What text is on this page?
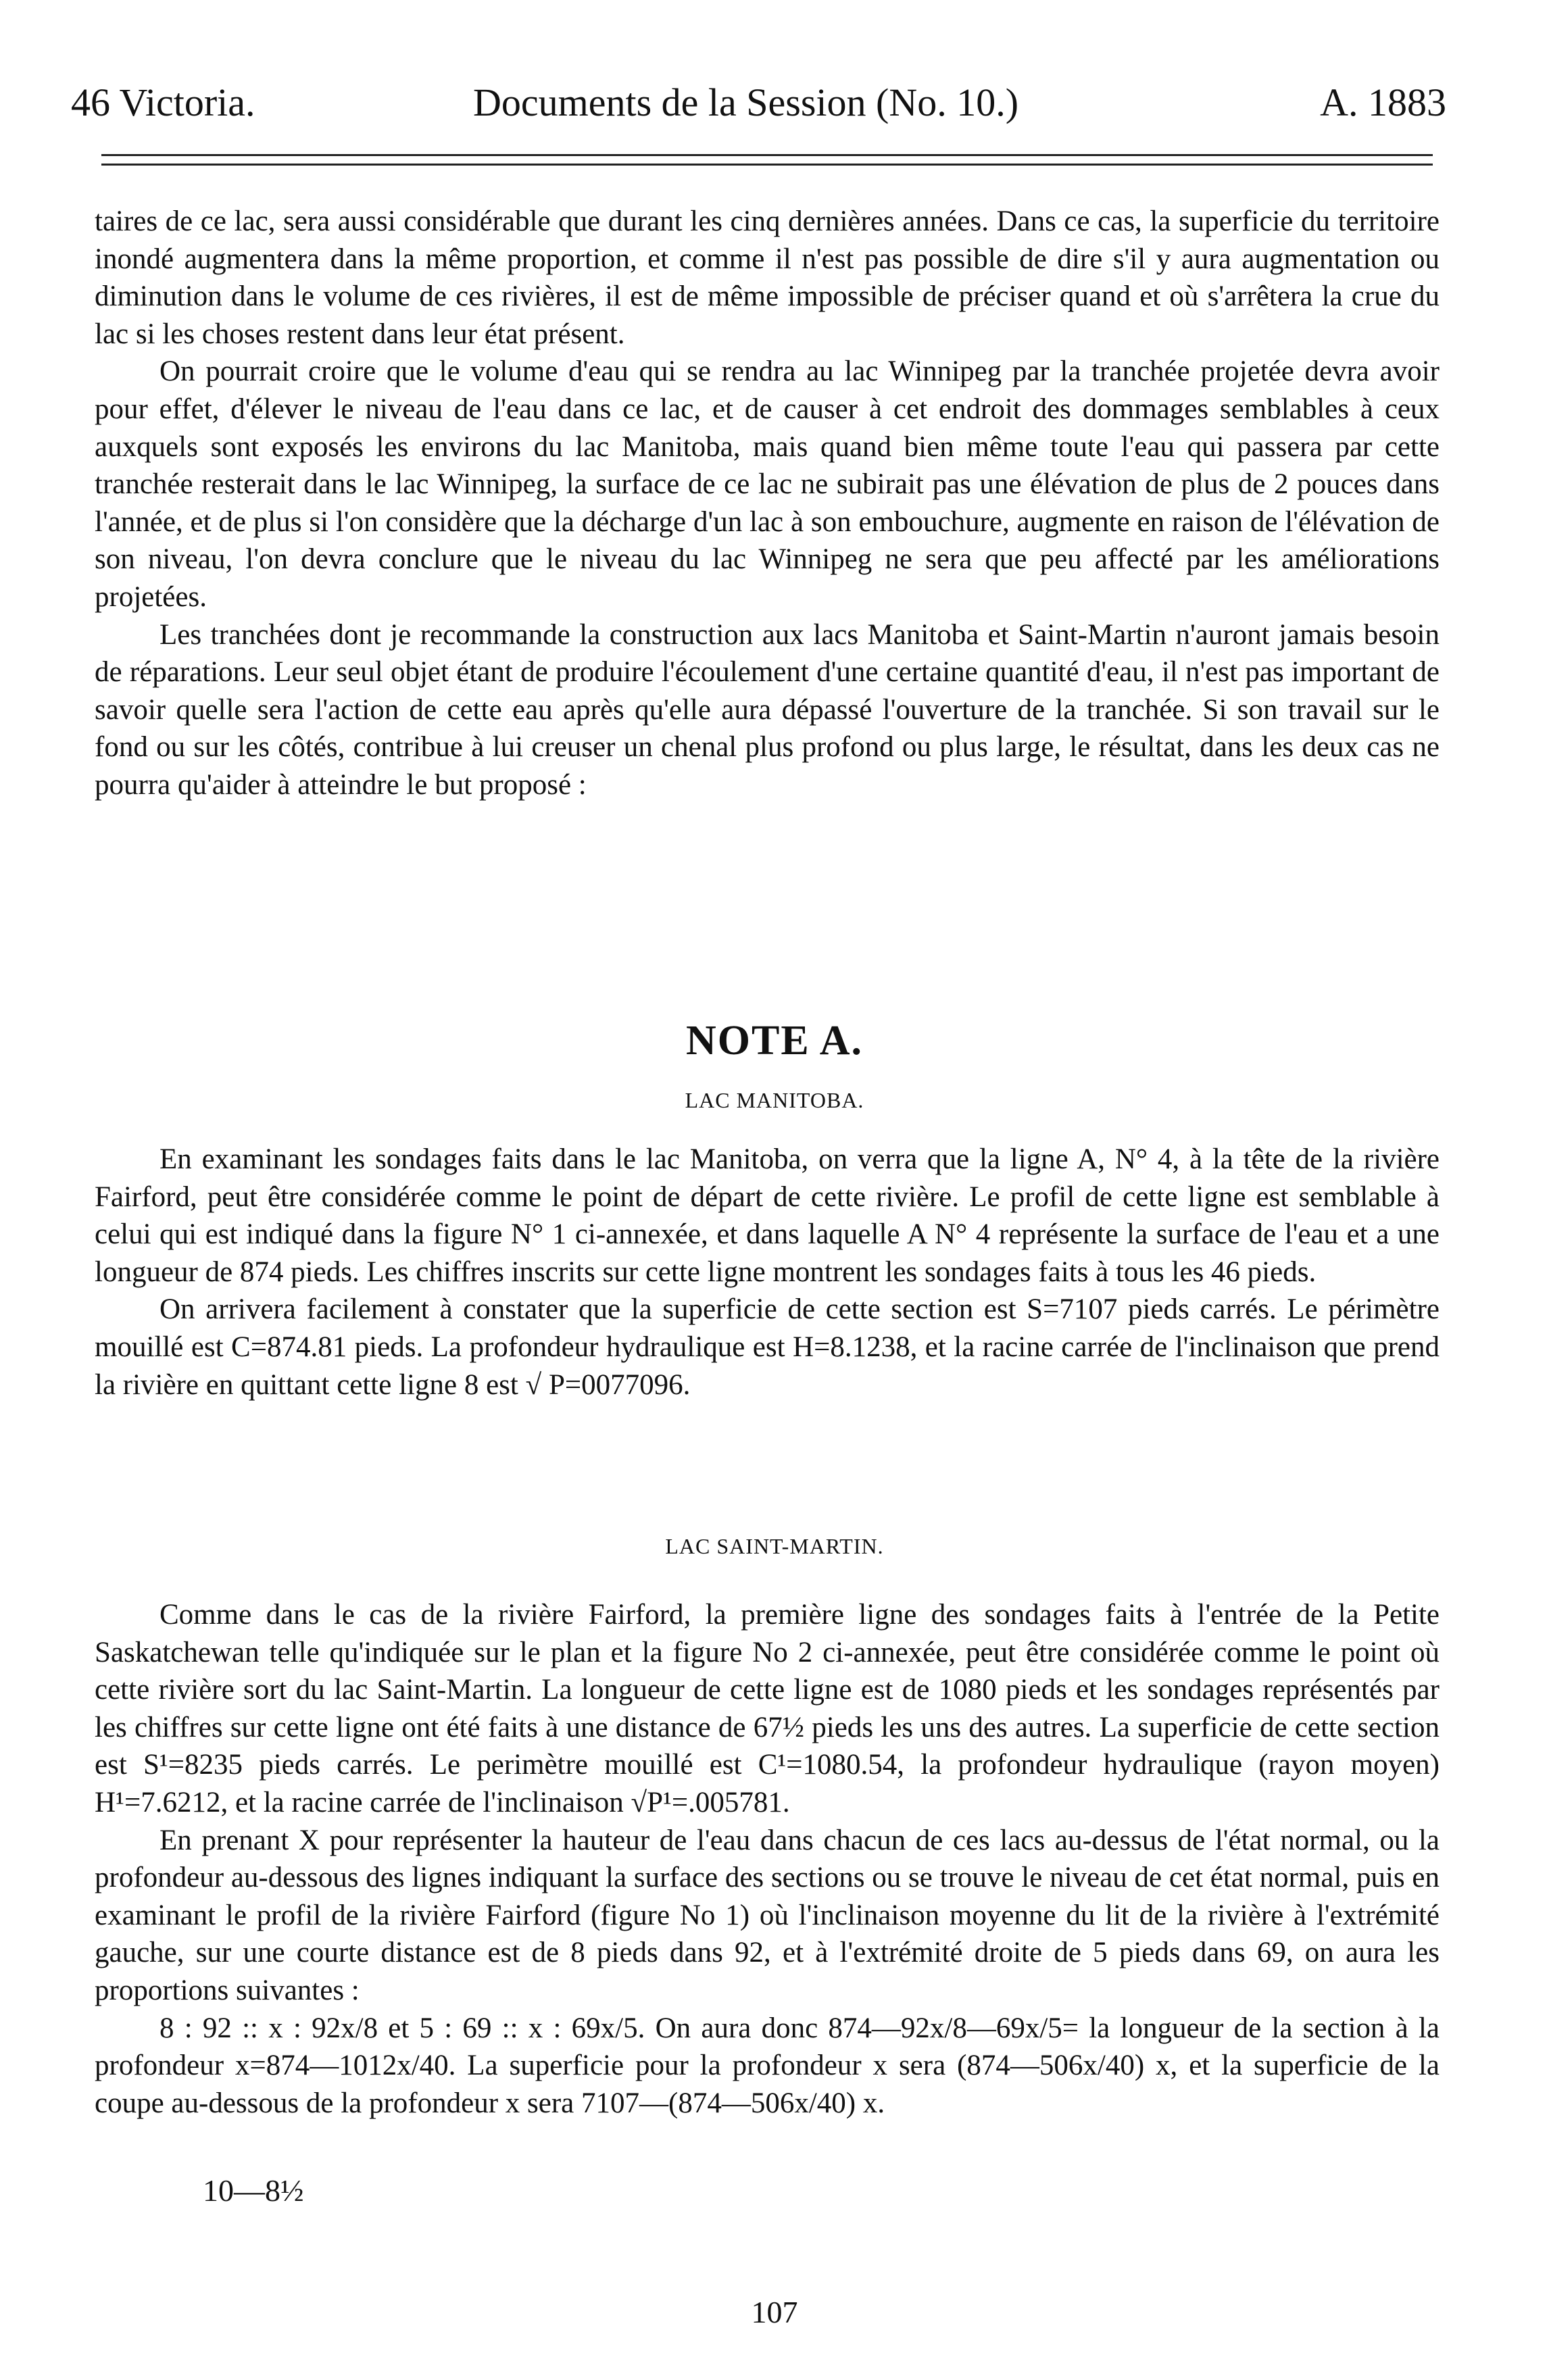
46 Victoria.	Documents de la Session (No. 10.)	A. 1883

taires de ce lac, sera aussi considérable que durant les cinq dernières années. Dans ce cas, la superficie du territoire inondé augmentera dans la même proportion, et comme il n'est pas possible de dire s'il y aura augmentation ou diminution dans le volume de ces rivières, il est de même impossible de préciser quand et où s'arrêtera la crue du lac si les choses restent dans leur état présent.

On pourrait croire que le volume d'eau qui se rendra au lac Winnipeg par la tranchée projetée devra avoir pour effet, d'élever le niveau de l'eau dans ce lac, et de causer à cet endroit des dommages semblables à ceux auxquels sont exposés les environs du lac Manitoba, mais quand bien même toute l'eau qui passera par cette tranchée resterait dans le lac Winnipeg, la surface de ce lac ne subirait pas une élévation de plus de 2 pouces dans l'année, et de plus si l'on considère que la décharge d'un lac à son embouchure, augmente en raison de l'élévation de son niveau, l'on devra conclure que le niveau du lac Winnipeg ne sera que peu affecté par les améliorations projetées.

Les tranchées dont je recommande la construction aux lacs Manitoba et Saint-Martin n'auront jamais besoin de réparations. Leur seul objet étant de produire l'écoulement d'une certaine quantité d'eau, il n'est pas important de savoir quelle sera l'action de cette eau après qu'elle aura dépassé l'ouverture de la tranchée. Si son travail sur le fond ou sur les côtés, contribue à lui creuser un chenal plus profond ou plus large, le résultat, dans les deux cas ne pourra qu'aider à atteindre le but proposé :

NOTE A.
LAC MANITOBA.

En examinant les sondages faits dans le lac Manitoba, on verra que la ligne A, N° 4, à la tête de la rivière Fairford, peut être considérée comme le point de départ de cette rivière. Le profil de cette ligne est semblable à celui qui est indiqué dans la figure N° 1 ci-annexée, et dans laquelle A N° 4 représente la surface de l'eau et a une longueur de 874 pieds. Les chiffres inscrits sur cette ligne montrent les sondages faits à tous les 46 pieds.

On arrivera facilement à constater que la superficie de cette section est S=7107 pieds carrés. Le périmètre mouillé est C=874.81 pieds. La profondeur hydraulique est H=8.1238, et la racine carrée de l'inclinaison que prend la rivière en quittant cette ligne 8 est √ P=0077096.

LAC SAINT-MARTIN.

Comme dans le cas de la rivière Fairford, la première ligne des sondages faits à l'entrée de la Petite Saskatchewan telle qu'indiquée sur le plan et la figure No 2 ci-annexée, peut être considérée comme le point où cette rivière sort du lac Saint-Martin. La longueur de cette ligne est de 1080 pieds et les sondages représentés par les chiffres sur cette ligne ont été faits à une distance de 67½ pieds les uns des autres. La superficie de cette section est S¹=8235 pieds carrés. Le perimètre mouillé est C¹=1080.54, la profondeur hydraulique (rayon moyen) H¹=7.6212, et la racine carrée de l'inclinaison √P¹=.005781.

En prenant X pour représenter la hauteur de l'eau dans chacun de ces lacs au-dessus de l'état normal, ou la profondeur au-dessous des lignes indiquant la surface des sections ou se trouve le niveau de cet état normal, puis en examinant le profil de la rivière Fairford (figure No 1) où l'inclinaison moyenne du lit de la rivière à l'extrémité gauche, sur une courte distance est de 8 pieds dans 92, et à l'extrémité droite de 5 pieds dans 69, on aura les proportions suivantes :

8 : 92 :: x : 92x/8 et 5 : 69 :: x : 69x/5. On aura donc 874—92x/8—69x/5= la longueur de la section à la profondeur x=874—1012x/40. La superficie pour la profondeur x sera (874—506x/40) x, et la superficie de la coupe au-dessous de la profondeur x sera 7107—(874—506x/40) x.

10—8½
107
